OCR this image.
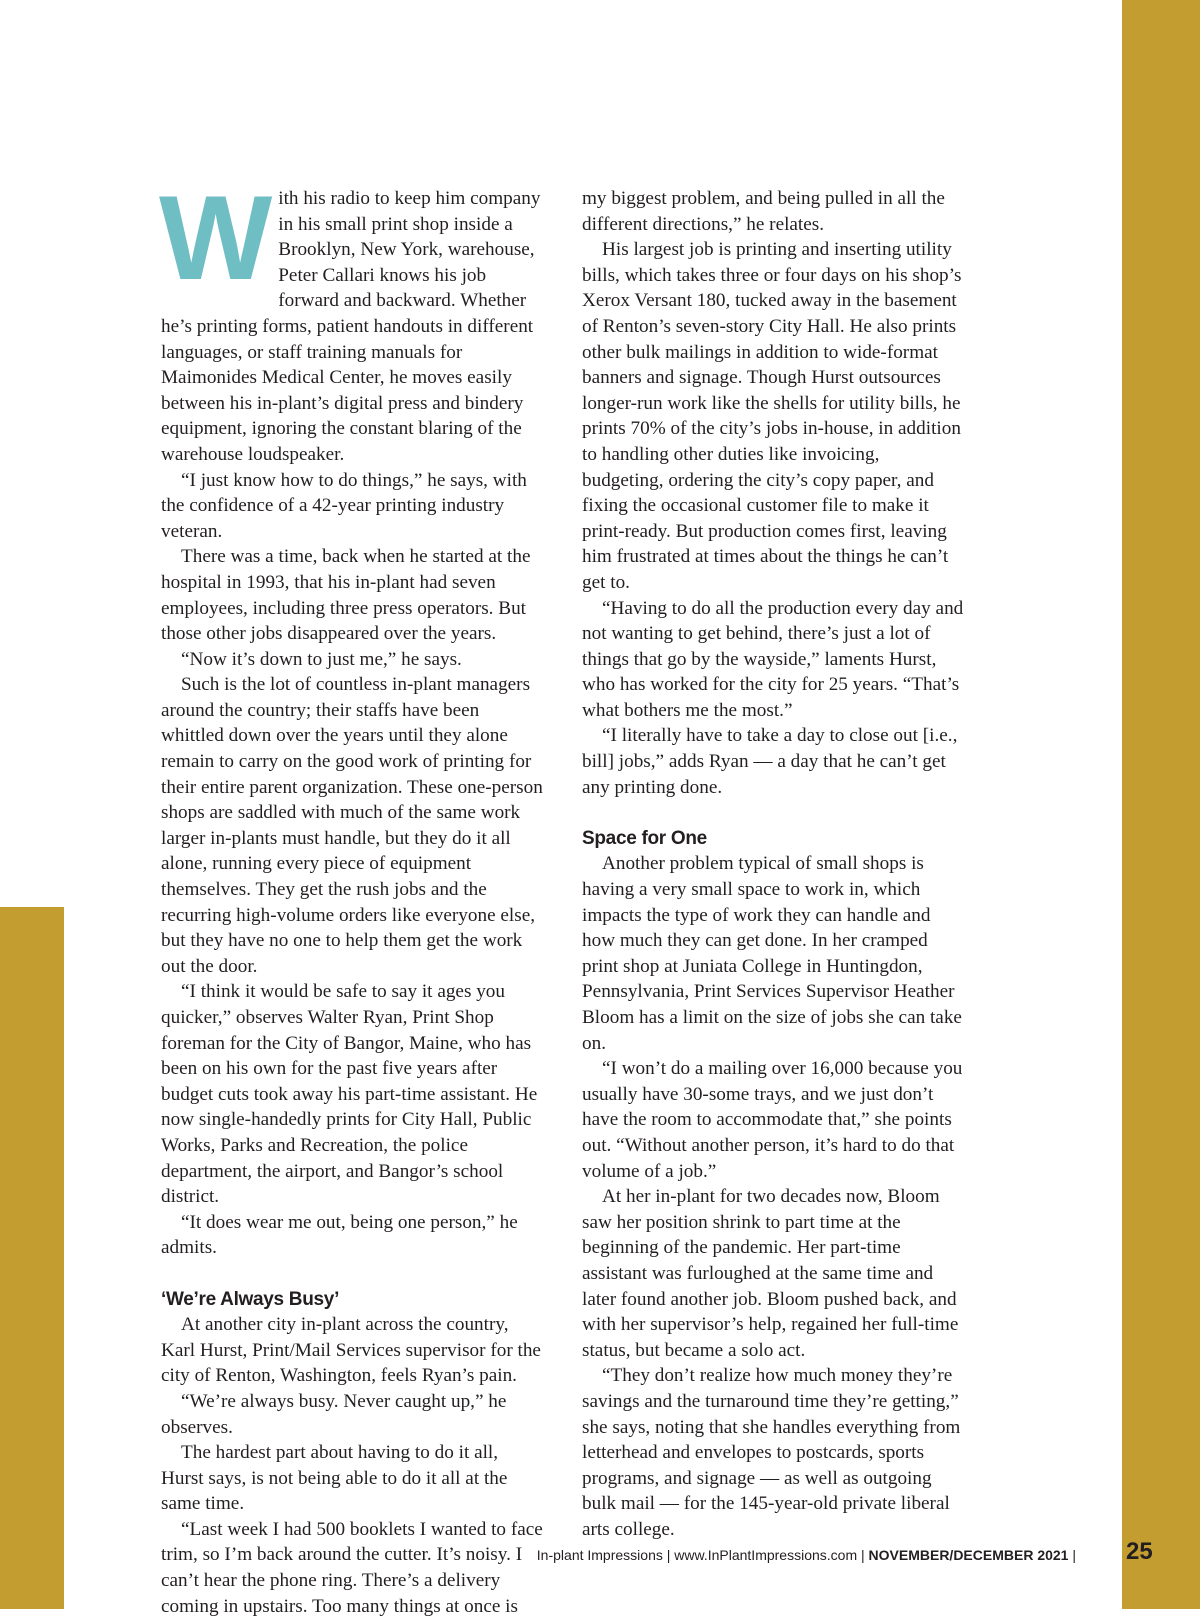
With his radio to keep him company in his small print shop inside a Brooklyn, New York, warehouse, Peter Callari knows his job forward and backward. Whether he’s printing forms, patient handouts in different languages, or staff training manuals for Maimonides Medical Center, he moves easily between his in-plant’s digital press and bindery equipment, ignoring the constant blaring of the warehouse loudspeaker.

“I just know how to do things,” he says, with the confidence of a 42-year printing industry veteran.

There was a time, back when he started at the hospital in 1993, that his in-plant had seven employees, including three press operators. But those other jobs disappeared over the years.

“Now it’s down to just me,” he says.

Such is the lot of countless in-plant managers around the country; their staffs have been whittled down over the years until they alone remain to carry on the good work of printing for their entire parent organization. These one-person shops are saddled with much of the same work larger in-plants must handle, but they do it all alone, running every piece of equipment themselves. They get the rush jobs and the recurring high-volume orders like everyone else, but they have no one to help them get the work out the door.

“I think it would be safe to say it ages you quicker,” observes Walter Ryan, Print Shop foreman for the City of Bangor, Maine, who has been on his own for the past five years after budget cuts took away his part-time assistant. He now single-handedly prints for City Hall, Public Works, Parks and Recreation, the police department, the airport, and Bangor’s school district.

“It does wear me out, being one person,” he admits.

‘We’re Always Busy’

At another city in-plant across the country, Karl Hurst, Print/Mail Services supervisor for the city of Renton, Washington, feels Ryan’s pain.

“We’re always busy. Never caught up,” he observes.

The hardest part about having to do it all, Hurst says, is not being able to do it all at the same time.

“Last week I had 500 booklets I wanted to face trim, so I’m back around the cutter. It’s noisy. I can’t hear the phone ring. There’s a delivery coming in upstairs. Too many things at once is

my biggest problem, and being pulled in all the different directions,” he relates.

His largest job is printing and inserting utility bills, which takes three or four days on his shop’s Xerox Versant 180, tucked away in the basement of Renton’s seven-story City Hall. He also prints other bulk mailings in addition to wide-format banners and signage. Though Hurst outsources longer-run work like the shells for utility bills, he prints 70% of the city’s jobs in-house, in addition to handling other duties like invoicing, budgeting, ordering the city’s copy paper, and fixing the occasional customer file to make it print-ready. But production comes first, leaving him frustrated at times about the things he can’t get to.

“Having to do all the production every day and not wanting to get behind, there’s just a lot of things that go by the wayside,” laments Hurst, who has worked for the city for 25 years. “That’s what bothers me the most.”

“I literally have to take a day to close out [i.e., bill] jobs,” adds Ryan — a day that he can’t get any printing done.

Space for One

Another problem typical of small shops is having a very small space to work in, which impacts the type of work they can handle and how much they can get done. In her cramped print shop at Juniata College in Huntingdon, Pennsylvania, Print Services Supervisor Heather Bloom has a limit on the size of jobs she can take on.

“I won’t do a mailing over 16,000 because you usually have 30-some trays, and we just don’t have the room to accommodate that,” she points out. “Without another person, it’s hard to do that volume of a job.”

At her in-plant for two decades now, Bloom saw her position shrink to part time at the beginning of the pandemic. Her part-time assistant was furloughed at the same time and later found another job. Bloom pushed back, and with her supervisor’s help, regained her full-time status, but became a solo act.

“They don’t realize how much money they’re savings and the turnaround time they’re getting,” she says, noting that she handles everything from letterhead and envelopes to postcards, sports programs, and signage — as well as outgoing bulk mail — for the 145-year-old private liberal arts college.

In-plant Impressions | www.InPlantImpressions.com | NOVEMBER/DECEMBER 2021 | 25
